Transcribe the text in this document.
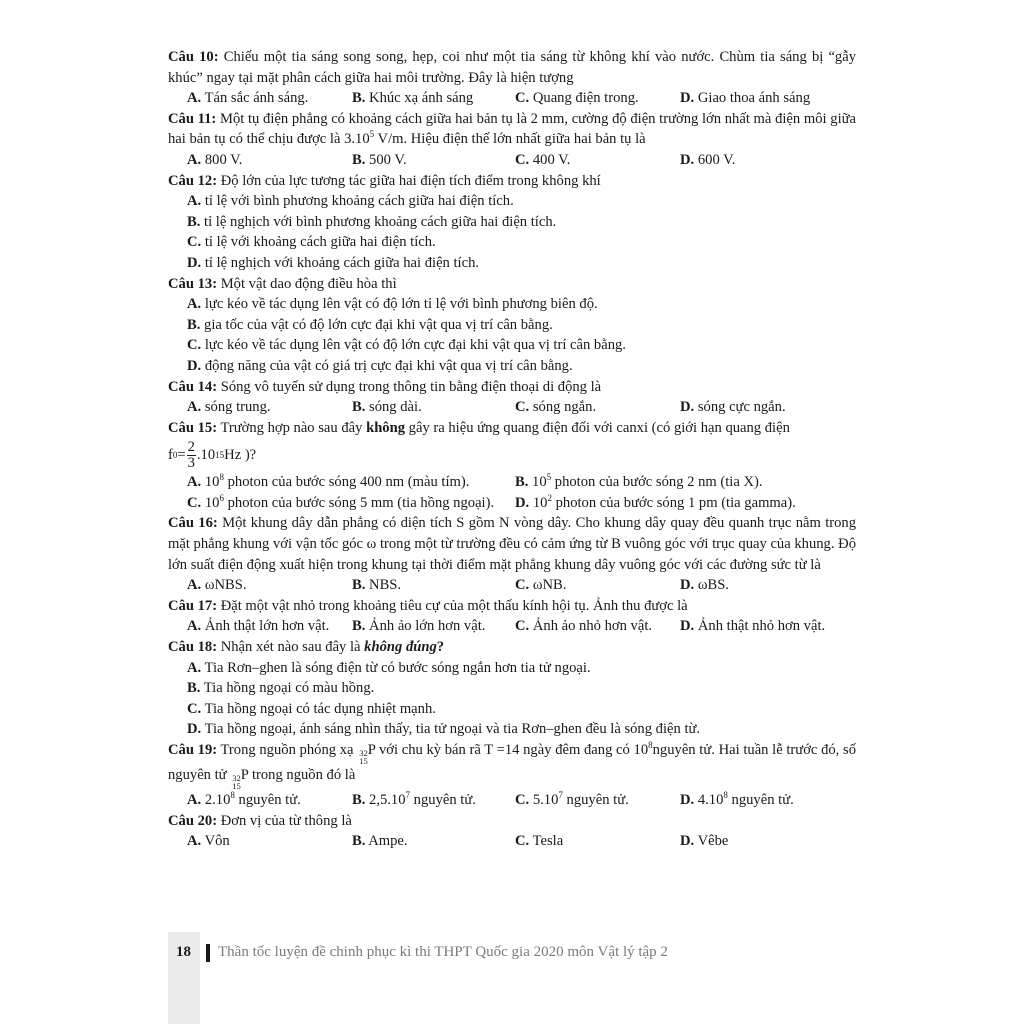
Câu 10: Chiếu một tia sáng song song, hẹp, coi như một tia sáng từ không khí vào nước. Chùm tia sáng bị “gẫy khúc” ngay tại mặt phân cách giữa hai môi trường. Đây là hiện tượng
A. Tán sắc ánh sáng.	B. Khúc xạ ánh sáng	C. Quang điện trong.	D. Giao thoa ánh sáng
Câu 11: Một tụ điện phẳng có khoảng cách giữa hai bản tụ là 2 mm, cường độ điện trường lớn nhất mà điện môi giữa hai bản tụ có thể chịu được là 3.10$^5$ V/m. Hiệu điện thế lớn nhất giữa hai bản tụ là
A. 800 V.	B. 500 V.	C. 400 V.	D. 600 V.
Câu 12: Độ lớn của lực tương tác giữa hai điện tích điểm trong không khí
A. tỉ lệ với bình phương khoảng cách giữa hai điện tích.
B. tỉ lệ nghịch với bình phương khoảng cách giữa hai điện tích.
C. tỉ lệ với khoảng cách giữa hai điện tích.
D. tỉ lệ nghịch với khoảng cách giữa hai điện tích.
Câu 13: Một vật dao động điều hòa thì
A. lực kéo về tác dụng lên vật có độ lớn tỉ lệ với bình phương biên độ.
B. gia tốc của vật có độ lớn cực đại khi vật qua vị trí cân bằng.
C. lực kéo về tác dụng lên vật có độ lớn cực đại khi vật qua vị trí cân bằng.
D. động năng của vật có giá trị cực đại khi vật qua vị trí cân bằng.
Câu 14: Sóng vô tuyến sử dụng trong thông tin bằng điện thoại di động là
A. sóng trung.	B. sóng dài.	C. sóng ngắn.	D. sóng cực ngắn.
Câu 15: Trường hợp nào sau đây không gây ra hiệu ứng quang điện đối với canxi (có giới hạn quang điện
f $0 = \frac{2}{3} .10$ 15 Hz )?
A. $10^8$ photon của bước sóng 400 nm (màu tím).	B. $10^5$ photon của bước sóng 2 nm (tia X).
C. $10^6$ photon của bước sóng 5 mm (tia hồng ngoại).	D. $10^2$ photon của bước sóng 1 pm (tia gamma).
Câu 16: Một khung dây dẫn phẳng có diện tích S gồm N vòng dây. Cho khung dây quay đều quanh trục nằm trong mặt phẳng khung với vận tốc góc ω trong một từ trường đều có cảm ứng từ B vuông góc với trục quay của khung. Độ lớn suất điện động xuất hiện trong khung tại thời điểm mặt phẳng khung dây vuông góc với các đường sức từ là
A. ωNBS.	B. NBS.	C. ωNB.	D. ωBS.
Câu 17: Đặt một vật nhỏ trong khoảng tiêu cự của một thấu kính hội tụ. Ảnh thu được là
A. Ảnh thật lớn hơn vật.	B. Ảnh ảo lớn hơn vật.	C. Ảnh ảo nhỏ hơn vật.	D. Ảnh thật nhỏ hơn vật.
Câu 18: Nhận xét nào sau đây là không đúng?
A. Tia Rơn–ghen là sóng điện từ có bước sóng ngắn hơn tia tử ngoại.
B. Tia hồng ngoại có màu hồng.
C. Tia hồng ngoại có tác dụng nhiệt mạnh.
D. Tia hồng ngoại, ánh sáng nhìn thấy, tia tử ngoại và tia Rơn–ghen đều là sóng điện từ.
Câu 19: Trong nguồn phóng xạ 32
15
P với chu kỳ bán rã T =14 ngày đêm đang có $10^8nguyên$ tử. Hai tuần lễ trước đó, số nguyên tử 32
15
P trong nguồn đó là
A. 2.10$^8$ nguyên tử.	B. 2,5.10$^7$ nguyên tử.	C. 5.10$^7$ nguyên tử.	D. 4.10$^8$ nguyên tử.
Câu 20: Đơn vị của từ thông là
A. Vôn	B. Ampe.	C. Tesla	D. Vêbe
18 Thần tốc luyện đề chinh phục kì thi THPT Quốc gia 2020 môn Vật lý tập 2
